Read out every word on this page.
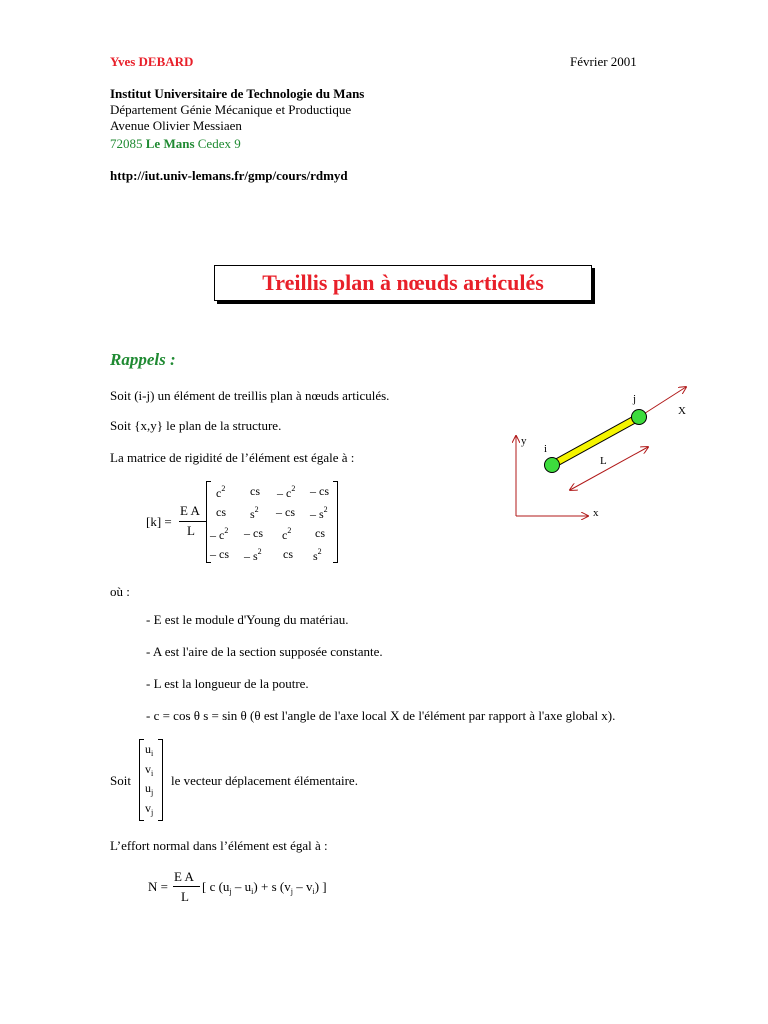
Yves DEBARD	Février 2001
Institut Universitaire de Technologie du Mans
Département Génie Mécanique et Productique
Avenue Olivier Messiaen
72085 Le Mans Cedex 9
http://iut.univ-lemans.fr/gmp/cours/rdmyd
Treillis plan à nœuds articulés
Rappels :
Soit (i-j) un élément de treillis plan à nœuds articulés.
Soit {x,y} le plan de la structure.
La matrice de rigidité de l’élément est égale à :
[k] =
E A
L
$c^2$ cs – $c^2$ – cs
cs $s^2$ – cs – $s^2$
– $c^2$ – cs $c^2$ cs
– cs – $s^2$ cs $s^2$
j
X
y
i
L
x
où :
- E est le module d'Young du matériau.
- A est l'aire de la section supposée constante.
- L est la longueur de la poutre.
- c = cos θ s = sin θ (θ est l'angle de l'axe local X de l'élément par rapport à l'axe global x).
Soit
$u_i$
$v_i$
$u_j$
$v_j$
le vecteur déplacement élémentaire.
L’effort normal dans l’élément est égal à :
N =
E A
L
[ c $(u_j - u_i) + s$ $(v_j - v_i)$ ]
